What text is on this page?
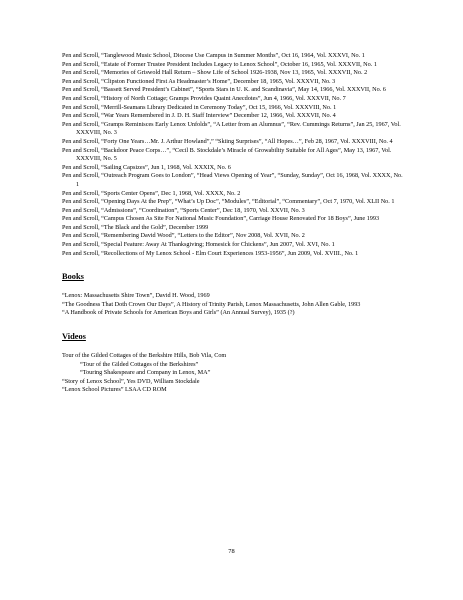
Pen and Scroll, “Tanglewood Music School, Diocese Use Campus in Summer Months”, Oct 16, 1964, Vol. XXXVI, No. 1

Pen and Scroll, “Estate of Former Trustee President Includes Legacy to Lenox School”, October 16, 1965, Vol. XXXVII, No. 1

Pen and Scroll, “Memories of Griswold Hall Return – Show Life of School 1926-1938, Nov 13, 1965, Vol. XXXVII, No. 2

Pen and Scroll, “Clipston Functioned First As Headmaster’s Home”, December 18, 1965, Vol. XXXVII, No. 3

Pen and Scroll, “Bassett Served President’s Cabinet”, “Sports Stars in U. K. and Scandinavia”, May 14, 1966, Vol. XXXVII, No. 6

Pen and Scroll, “History of North Cottage; Gramps Provides Quaint Anecdotes”, Jun 4, 1966, Vol. XXXVII, No. 7

Pen and Scroll, “Merrill-Seamans Library Dedicated in Ceremony Today”, Oct 15, 1966, Vol. XXXVIII, No. 1

Pen and Scroll, “War Years Remembered in J. D. H. Staff Interview” December 12, 1966, Vol. XXXVII, No. 4

Pen and Scroll, “Gramps Reminisces Early Lenox Unfolds”, “A Letter from an Alumnus”, “Rev. Cummings Returns”, Jan 25, 1967, Vol. XXXVIII, No. 3

Pen and Scroll, “Forty One Years…Mr. J. Arthur Howland”,” “Skiing Surprises”, “All Hopes…”, Feb 28, 1967, Vol. XXXVIII, No. 4

Pen and Scroll, “Backdoor Peace Corps…”, “Cecil B. Stockdale’s Miracle of Growability Suitable for All Ages”, May 13, 1967, Vol. XXXVIII, No. 5

Pen and Scroll, “Sailing Capsizes”, Jun 1, 1968, Vol. XXXIX, No. 6

Pen and Scroll, “Outreach Program Goes to London”, “Head Views Opening of Year”, “Sunday, Sunday”, Oct 16, 1968, Vol. XXXX, No. 1

Pen and Scroll, “Sports Center Opens”, Dec 1, 1968, Vol. XXXX, No. 2

Pen and Scroll, “Opening Days At the Prep”, “What’s Up Doc”, “Modules”, “Editorial”, “Commentary”, Oct 7, 1970, Vol. XLII No. 1

Pen and Scroll, “Admissions”, “Coordination”, “Sports Center”, Dec 18, 1970, Vol. XXVII, No. 3

Pen and Scroll, “Campus Chosen As Site For National Music Foundation”, Carriage House Renovated For 18 Boys”, June 1993

Pen and Scroll, “The Black and the Gold”, December 1999

Pen and Scroll, “Remembering David Wood”, “Letters to the Editor”, Nov 2008, Vol. XVII, No. 2

Pen and Scroll, “Special Feature: Away At Thanksgiving; Homesick for Chickens”, Jun 2007, Vol. XVI, No. 1

Pen and Scroll, “Recollections of My Lenox School - Elm Court Experiences 1953-1956”, Jun 2009, Vol. XVIII., No. 1

Books

“Lenox: Massachusetts Shire Town”, David H. Wood, 1969

“The Goodness That Doth Crown Our Days”, A History of Trinity Parish, Lenox Massachusetts, John Allen Gable, 1993

“A Handbook of Private Schools for American Boys and Girls” (An Annual Survey), 1935 (?)

Videos

Tour of the Gilded Cottages of the Berkshire Hills, Bob Vila, Com

“Tour of the Gilded Cottages of the Berkshires”

“Touring Shakespeare and Company in Lenox, MA”

“Story of Lenox School”, Yes DVD, William Stockdale

“Lenox School Pictures” LSAA CD ROM

78
